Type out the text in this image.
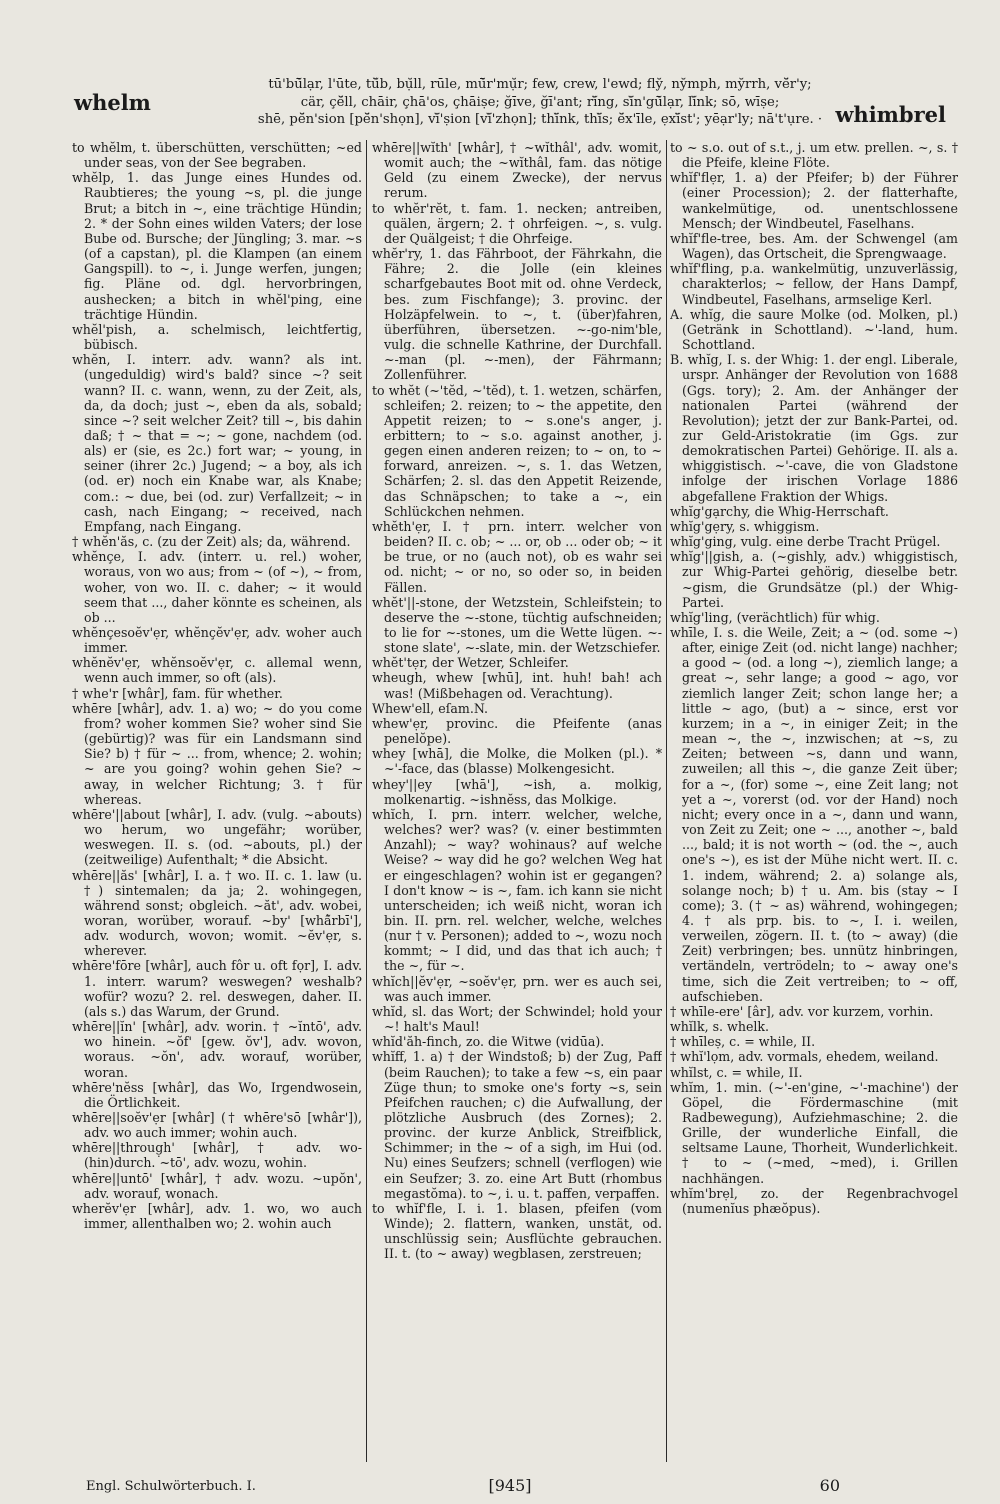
whelm
tū'bū̆lạr, l'ūte, tŭ̆b, bụ̆ll, rūle, mū̆r'mụ̆r; few, crew, l'ewd; fly̆, ny̆mph, my̆rrh, vĕ̆r'y;
cär, çĕ̆ll, chāir, çhā'os, çhāiṣe; ğīve, ğī'ant; rĭ̆ng, sĭ̆n'gū̆lạr, lĭ̆nk; sō, wīṣe;
shē, pĕ̆n'sion [pĕ̆n'shọn], vĭ̆'ṣion [vĭ̆'zhọn]; thĭ̆nk, thĭ̆s; ĕ̆x'īle, ẹxĭ̆st'; yēạr'ly; nā't'ụre. · whimbrel

to whĕlm, t. überschütten, verschütten; ~ed under seas, von der See begraben.

whĕlp, 1. das Junge eines Hundes od. Raubtieres; the young ~s, pl. die junge Brut; a bitch in ~, eine trächtige Hündin; 2. * der Sohn eines wilden Vaters; der lose Bube od. Bursche; der Jüngling; 3. mar. ~s (of a capstan), pl. die Klampen (an einem Gangspill). to ~, i. Junge werfen, jungen; fig. Pläne od. dgl. hervorbringen, aushecken; a bitch in whĕl'ping, eine trächtige Hündin.

whĕl'pish, a. schelmisch, leichtfertig, bübisch.

whĕn, I. interr. adv. wann? als int. (ungeduldig) wird's bald? since ~? seit wann? II. c. wann, wenn, zu der Zeit, als, da, da doch; just ~, eben da als, sobald; since ~? seit welcher Zeit? till ~, bis dahin daß; † ~ that = ~; ~ gone, nachdem (od. als) er (sie, es 2c.) fort war; ~ young, in seiner (ihrer 2c.) Jugend; ~ a boy, als ich (od. er) noch ein Knabe war, als Knabe; com.: ~ due, bei (od. zur) Verfallzeit; ~ in cash, nach Eingang; ~ received, nach Empfang, nach Eingang.

† whĕn'ăs, c. (zu der Zeit) als; da, während.

whĕnçe, I. adv. (interr. u. rel.) woher, woraus, von wo aus; from ~ (of ~), ~ from, woher, von wo. II. c. daher; ~ it would seem that ..., daher könnte es scheinen, als ob ...

whĕnçesoĕv'ẹr, whĕnçĕv'ẹr, adv. woher auch immer.

whĕnĕv'ẹr, whĕnsoĕv'ẹr, c. allemal wenn, wenn auch immer, so oft (als).

† whe'r [whâr], fam. für whether.

whēre [whâr], adv. 1. a) wo; ~ do you come from? woher kommen Sie? woher sind Sie (gebürtig)? was für ein Landsmann sind Sie? b) † für ~ ... from, whence; 2. wohin; ~ are you going? wohin gehen Sie? ~ away, in welcher Richtung; 3. † für whereas.

whēre'||about [whâr], I. adv. (vulg. ~abouts) wo herum, wo ungefähr; worüber, weswegen. II. s. (od. ~abouts, pl.) der (zeitweilige) Aufenthalt; * die Absicht.

whēre||ăs' [whâr], I. a. † wo. II. c. 1. law (u. †) sintemalen; da ja; 2. wohingegen, während sonst; obgleich. ~ăt', adv. wobei, woran, worüber, worauf. ~by' [whâ̆rbī'], adv. wodurch, wovon; womit. ~ĕv'ẹr, s. wherever.

whēre'fōre [whâr], auch fôr u. oft fọr], I. adv. 1. interr. warum? weswegen? weshalb? wofür? wozu? 2. rel. deswegen, daher. II. (als s.) das Warum, der Grund.

whēre||ĭn' [whâr], adv. worin. † ~ĭntō', adv. wo hinein. ~ŏf' [gew. ŏv'], adv. wovon, woraus. ~ŏn', adv. worauf, worüber, woran.

whēre'nĕss [whâr], das Wo, Irgendwosein, die Örtlichkeit.

whēre||soĕv'ẹr [whâr] († whēre'sō [whâr']), adv. wo auch immer; wohin auch.

whēre||throug̣h' [whâr], † adv. wo- (hin)durch. ~tō', adv. wozu, wohin.

whēre||untō' [whâr], † adv. wozu. ~upŏn', adv. worauf, wonach.

wherĕv'ẹr [whâr], adv. 1. wo, wo auch immer, allenthalben wo; 2. wohin auch

whēre||wĭth' [whâr], † ~wĭthâl', adv. womit, womit auch; the ~wĭthâl, fam. das nötige Geld (zu einem Zwecke), der nervus rerum.

to whĕr'rĕt, t. fam. 1. necken; antreiben, quälen, ärgern; 2. † ohrfeigen. ~, s. vulg. der Quälgeist; † die Ohrfeige.

whĕr'ry, 1. das Fährboot, der Fährkahn, die Fähre; 2. die Jolle (ein kleines scharfgebautes Boot mit od. ohne Verdeck, bes. zum Fischfange); 3. provinc. der Holzäpfelwein. to ~, t. (über)fahren, überführen, übersetzen. ~-go-nim'ble, vulg. die schnelle Kathrine, der Durchfall. ~-man (pl. ~-men), der Fährmann; Zollenführer.

to whĕt (~'tĕd, ~'tĕd), t. 1. wetzen, schärfen, schleifen; 2. reizen; to ~ the appetite, den Appetit reizen; to ~ s.one's anger, j. erbittern; to ~ s.o. against another, j. gegen einen anderen reizen; to ~ on, to ~ forward, anreizen. ~, s. 1. das Wetzen, Schärfen; 2. sl. das den Appetit Reizende, das Schnäpschen; to take a ~, ein Schlückchen nehmen.

whĕth'ẹr, I. † prn. interr. welcher von beiden? II. c. ob; ~ ... or, ob ... oder ob; ~ it be true, or no (auch not), ob es wahr sei od. nicht; ~ or no, so oder so, in beiden Fällen.

whĕt'||-stone, der Wetzstein, Schleifstein; to deserve the ~-stone, tüchtig aufschneiden; to lie for ~-stones, um die Wette lügen. ~-stone slate', ~-slate, min. der Wetzschiefer.

whĕt'tẹr, der Wetzer, Schleifer.

wheugh, whew [whū], int. huh! bah! ach was! (Mißbehagen od. Verachtung).

Whew'ell, eſam.N.

whew'ẹr, provinc. die Pfeifente (anas penelŏpe).

whey [whā], die Molke, die Molken (pl.). * ~'-face, das (blasse) Molkengesicht.

whey'||ey [whā'], ~ish, a. molkig, molkenartig. ~ishnĕss, das Molkige.

whĭch, I. prn. interr. welcher, welche, welches? wer? was? (v. einer bestimmten Anzahl); ~ way? wohinaus? auf welche Weise? ~ way did he go? welchen Weg hat er eingeschlagen? wohin ist er gegangen? I don't know ~ is ~, fam. ich kann sie nicht unterscheiden; ich weiß nicht, woran ich bin. II. prn. rel. welcher, welche, welches (nur † v. Personen); added to ~, wozu noch kommt; ~ I did, und das that ich auch; † the ~, für ~.

whĭch||ĕv'ẹr, ~soĕv'ẹr, prn. wer es auch sei, was auch immer.

whĭd, sl. das Wort; der Schwindel; hold your ~! halt's Maul!

whĭd'ăh-finch, zo. die Witwe (vidūa).

whĭff, 1. a) † der Windstoß; b) der Zug, Paff (beim Rauchen); to take a few ~s, ein paar Züge thun; to smoke one's forty ~s, sein Pfeifchen rauchen; c) die Aufwallung, der plötzliche Ausbruch (des Zornes); 2. provinc. der kurze Anblick, Streifblick, Schimmer; in the ~ of a sigh, im Hui (od. Nu) eines Seufzers; schnell (verflogen) wie ein Seufzer; 3. zo. eine Art Butt (rhombus megastŏma). to ~, i. u. t. paffen, verpaffen.

to whĭf'fle, I. i. 1. blasen, pfeifen (vom Winde); 2. flattern, wanken, unstät, od. unschlüssig sein; Ausflüchte gebrauchen. II. t. (to ~ away) wegblasen, zerstreuen;

to ~ s.o. out of s.t., j. um etw. prellen. ~, s. † die Pfeife, kleine Flöte.

whĭf'flẹr, 1. a) der Pfeifer; b) der Führer (einer Procession); 2. der flatterhafte, wankelmütige, od. unentschlossene Mensch; der Windbeutel, Faselhans.

whĭf'fle-tree, bes. Am. der Schwengel (am Wagen), das Ortscheit, die Sprengwaage.

whĭf'fling, p.a. wankelmütig, unzuverlässig, charakterlos; ~ fellow, der Hans Dampf, Windbeutel, Faselhans, armselige Kerl.

A. whĭg, die saure Molke (od. Molken, pl.) (Getränk in Schottland). ~'-land, hum. Schottland.

B. whĭg, I. s. der Whig: 1. der engl. Liberale, urspr. Anhänger der Revolution von 1688 (Ggs. tory); 2. Am. der Anhänger der nationalen Partei (während der Revolution); jetzt der zur Bank-Partei, od. zur Geld-Aristokratie (im Ggs. zur demokratischen Partei) Gehörige. II. als a. whiggistisch. ~'-cave, die von Gladstone infolge der irischen Vorlage 1886 abgefallene Fraktion der Whigs.

whĭg'gạrchy, die Whig-Herrschaft.

whĭg'gẹry, s. whiggism.

whĭg'ging, vulg. eine derbe Tracht Prügel.

whĭg'||gish, a. (~gishly, adv.) whiggistisch, zur Whig-Partei gehörig, dieselbe betr. ~gism, die Grundsätze (pl.) der Whig-Partei.

whĭg'ling, (verächtlich) für whig.

whīle, I. s. die Weile, Zeit; a ~ (od. some ~) after, einige Zeit (od. nicht lange) nachher; a good ~ (od. a long ~), ziemlich lange; a great ~, sehr lange; a good ~ ago, vor ziemlich langer Zeit; schon lange her; a little ~ ago, (but) a ~ since, erst vor kurzem; in a ~, in einiger Zeit; in the mean ~, the ~, inzwischen; at ~s, zu Zeiten; between ~s, dann und wann, zuweilen; all this ~, die ganze Zeit über; for a ~, (for) some ~, eine Zeit lang; not yet a ~, vorerst (od. vor der Hand) noch nicht; every once in a ~, dann und wann, von Zeit zu Zeit; one ~ ..., another ~, bald ..., bald; it is not worth ~ (od. the ~, auch one's ~), es ist der Mühe nicht wert. II. c. 1. indem, während; 2. a) solange als, solange noch; b) † u. Am. bis (stay ~ I come); 3. († ~ as) während, wohingegen; 4. † als prp. bis. to ~, I. i. weilen, verweilen, zögern. II. t. (to ~ away) (die Zeit) verbringen; bes. unnütz hinbringen, vertändeln, vertrödeln; to ~ away one's time, sich die Zeit vertreiben; to ~ off, aufschieben.

† whīle-ere' [âr], adv. vor kurzem, vorhin.

whĭlk, s. whelk.

† whīleṣ, c. = while, II.

† whĭ'lọm, adv. vormals, ehedem, weiland.

whĭlst, c. = while, II.

whĭm, 1. min. (~'-en'gine, ~'-machine') der Göpel, die Fördermaschine (mit Radbewegung), Aufziehmaschine; 2. die Grille, der wunderliche Einfall, die seltsame Laune, Thorheit, Wunderlichkeit. † to ~ (~med, ~med), i. Grillen nachhängen.

whĭm'brẹl, zo. der Regenbrachvogel (numenĭus phæŏpus).

Engl. Schulwörterbuch. I.	[945]	60
